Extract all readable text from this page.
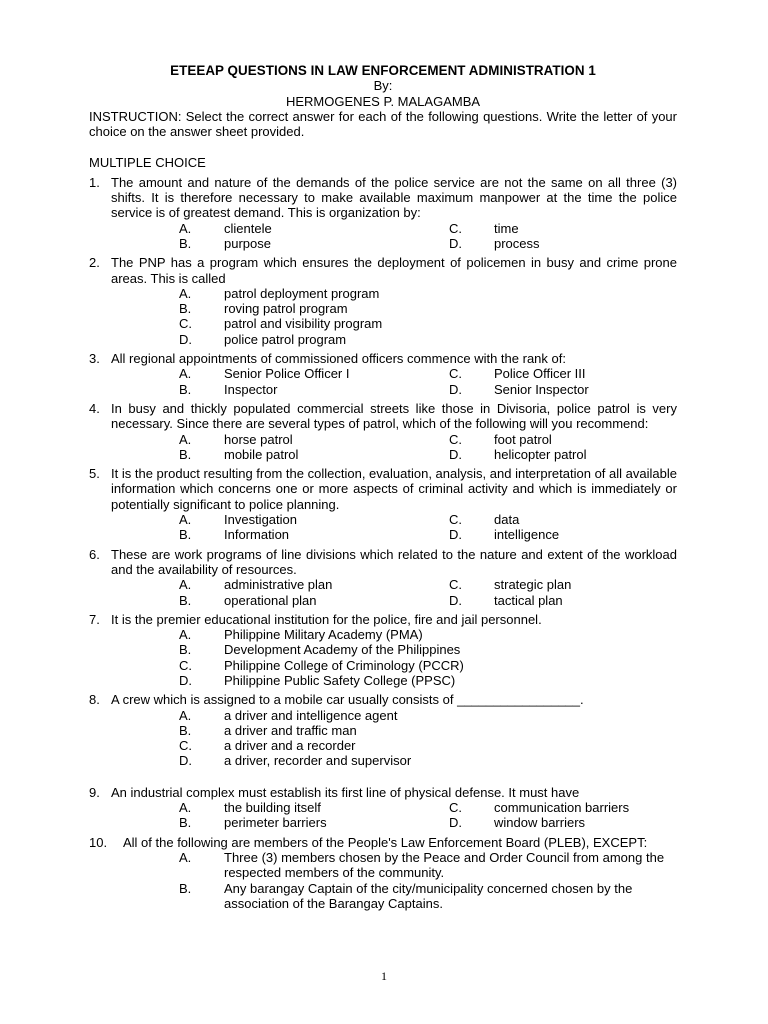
ETEEAP QUESTIONS IN LAW ENFORCEMENT ADMINISTRATION 1
By:
HERMOGENES P. MALAGAMBA
INSTRUCTION: Select the correct answer for each of the following questions. Write the letter of your choice on the answer sheet provided.
MULTIPLE CHOICE
1. The amount and nature of the demands of the police service are not the same on all three (3) shifts. It is therefore necessary to make available maximum manpower at the time the police service is of greatest demand. This is organization by:
A.	clientele	C.	time
B.	purpose	D.	process
2. The PNP has a program which ensures the deployment of policemen in busy and crime prone areas. This is called
A.	patrol deployment program
B.	roving patrol program
C.	patrol and visibility program
D.	police patrol program
3. All regional appointments of commissioned officers commence with the rank of:
A.	Senior Police Officer I	C.	Police Officer III
B.	Inspector	D.	Senior Inspector
4. In busy and thickly populated commercial streets like those in Divisoria, police patrol is very necessary. Since there are several types of patrol, which of the following will you recommend:
A.	horse patrol	C.	foot patrol
B.	mobile patrol	D.	helicopter patrol
5. It is the product resulting from the collection, evaluation, analysis, and interpretation of all available information which concerns one or more aspects of criminal activity and which is immediately or potentially significant to police planning.
A.	Investigation	C.	data
B.	Information	D.	intelligence
6. These are work programs of line divisions which related to the nature and extent of the workload and the availability of resources.
A.	administrative plan	C.	strategic plan
B.	operational plan	D.	tactical plan
7. It is the premier educational institution for the police, fire and jail personnel.
A.	Philippine Military Academy (PMA)
B.	Development Academy of the Philippines
C.	Philippine College of Criminology (PCCR)
D.	Philippine Public Safety College (PPSC)
8. A crew which is assigned to a mobile car usually consists of _________________.
A.	a driver and intelligence agent
B.	a driver and traffic man
C.	a driver and a recorder
D.	a driver, recorder and supervisor
9. An industrial complex must establish its first line of physical defense. It must have
A.	the building itself	C.	communication barriers
B.	perimeter barriers	D.	window barriers
10. All of the following are members of the People's Law Enforcement Board (PLEB), EXCEPT:
A.	Three (3) members chosen by the Peace and Order Council from among the respected members of the community.
B.	Any barangay Captain of the city/municipality concerned chosen by the association of the Barangay Captains.
1
